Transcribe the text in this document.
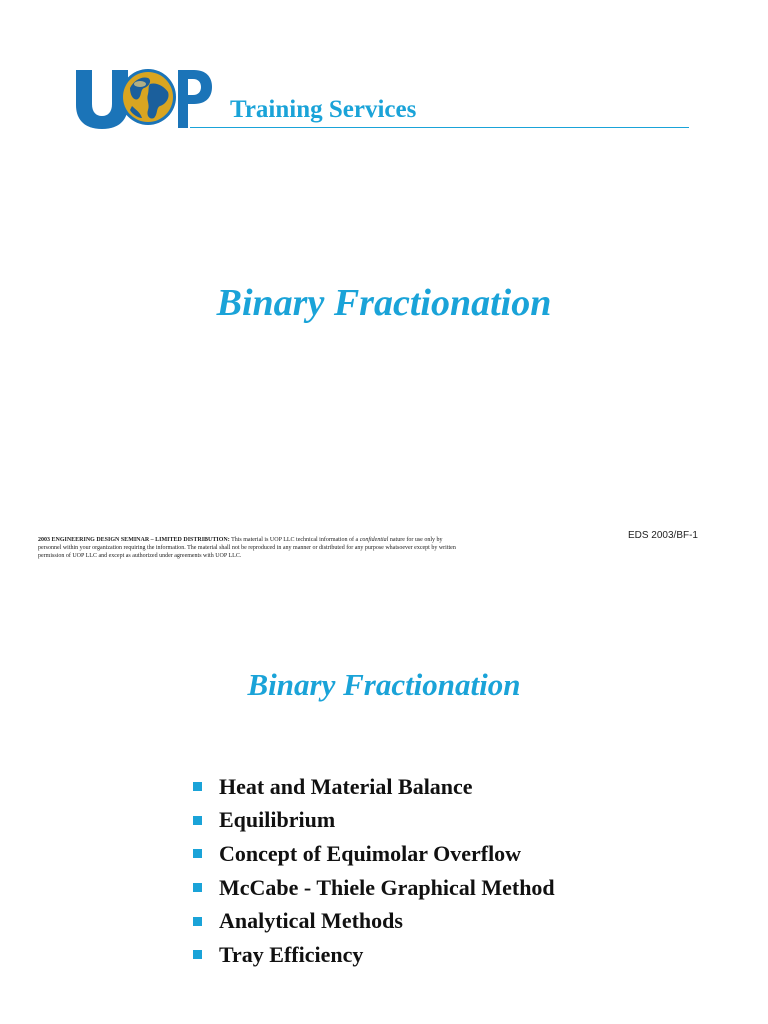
Training Services
Binary Fractionation
2003 ENGINEERING DESIGN SEMINAR – LIMITED DISTRIBUTION: This material is UOP LLC technical information of a confidential nature for use only by personnel within your organization requiring the information. The material shall not be reproduced in any manner or distributed for any purpose whatsoever except by written permission of UOP LLC and except as authorized under agreements with UOP LLC.
EDS 2003/BF-1
Binary Fractionation
Heat and Material Balance
Equilibrium
Concept of Equimolar Overflow
McCabe - Thiele Graphical Method
Analytical Methods
Tray Efficiency
